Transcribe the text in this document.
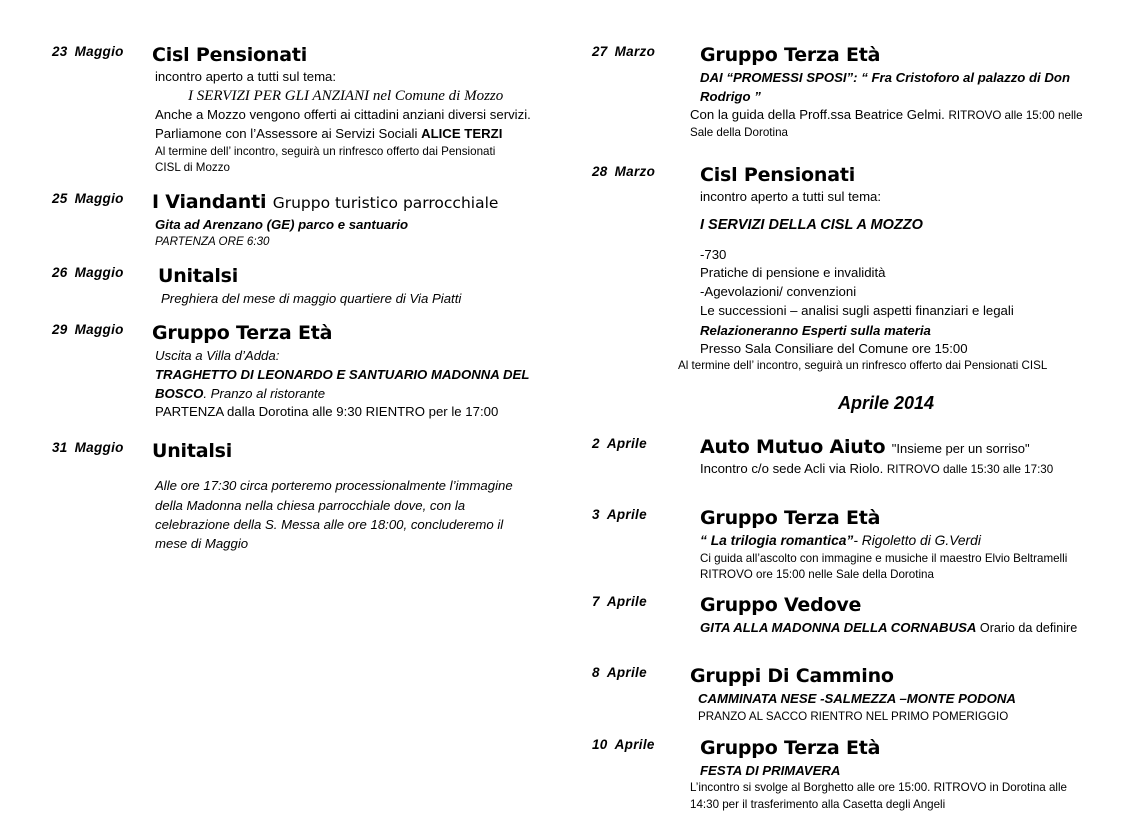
23 Maggio	Cisl Pensionati
incontro aperto a tutti sul tema:
I SERVIZI PER GLI ANZIANI nel Comune di Mozzo
Anche a Mozzo vengono offerti ai cittadini anziani diversi servizi.
Parliamone con l’Assessore ai Servizi Sociali ALICE TERZI
Al termine dell’ incontro, seguirà un rinfresco offerto dai Pensionati
CISL di Mozzo
25 Maggio	I Viandanti Gruppo turistico parrocchiale
Gita ad Arenzano (GE) parco e santuario
PARTENZA ORE 6:30
26 Maggio	Unitalsi
Preghiera del mese di maggio quartiere di Via Piatti
29 Maggio	Gruppo Terza Età
Uscita a Villa d’Adda:
TRAGHETTO DI LEONARDO E SANTUARIO MADONNA DEL
BOSCO. Pranzo al ristorante
PARTENZA dalla Dorotina alle 9:30 RIENTRO per le 17:00
31 Maggio	Unitalsi
Alle ore 17:30 circa porteremo processionalmente l’immagine
della Madonna nella chiesa parrocchiale dove, con la
celebrazione della S. Messa alle ore 18:00, concluderemo il
mese di Maggio
27 Marzo	Gruppo Terza Età
DAI “PROMESSI SPOSI”: “ Fra Cristoforo al palazzo di Don
Rodrigo ”
Con la guida della Proff.ssa Beatrice Gelmi. RITROVO alle 15:00 nelle
Sale della Dorotina
28 Marzo	Cisl Pensionati
incontro aperto a tutti sul tema:
I SERVIZI DELLA CISL A MOZZO
-730
Pratiche di pensione e invalidità
-Agevolazioni/ convenzioni
Le successioni – analisi sugli aspetti finanziari e legali
Relazioneranno Esperti sulla materia
Presso Sala Consiliare del Comune ore 15:00
Al termine dell’ incontro, seguirà un rinfresco offerto dai Pensionati CISL
Aprile 2014
2 Aprile	Auto Mutuo Aiuto "Insieme per un sorriso"
Incontro c/o sede Acli via Riolo. RITROVO dalle 15:30 alle 17:30
3 Aprile	Gruppo Terza Età
“ La trilogia romantica”- Rigoletto di G.Verdi
Ci guida all’ascolto con immagine e musiche il maestro Elvio Beltramelli
RITROVO ore 15:00 nelle Sale della Dorotina
7 Aprile	Gruppo Vedove
GITA ALLA MADONNA DELLA CORNABUSA Orario da definire
8 Aprile	Gruppi Di Cammino
CAMMINATA NESE -SALMEZZA –MONTE PODONA
PRANZO AL SACCO RIENTRO NEL PRIMO POMERIGGIO
10 Aprile	Gruppo Terza Età
FESTA DI PRIMAVERA
L’incontro si svolge al Borghetto alle ore 15:00. RITROVO in Dorotina alle
14:30 per il trasferimento alla Casetta degli Angeli
